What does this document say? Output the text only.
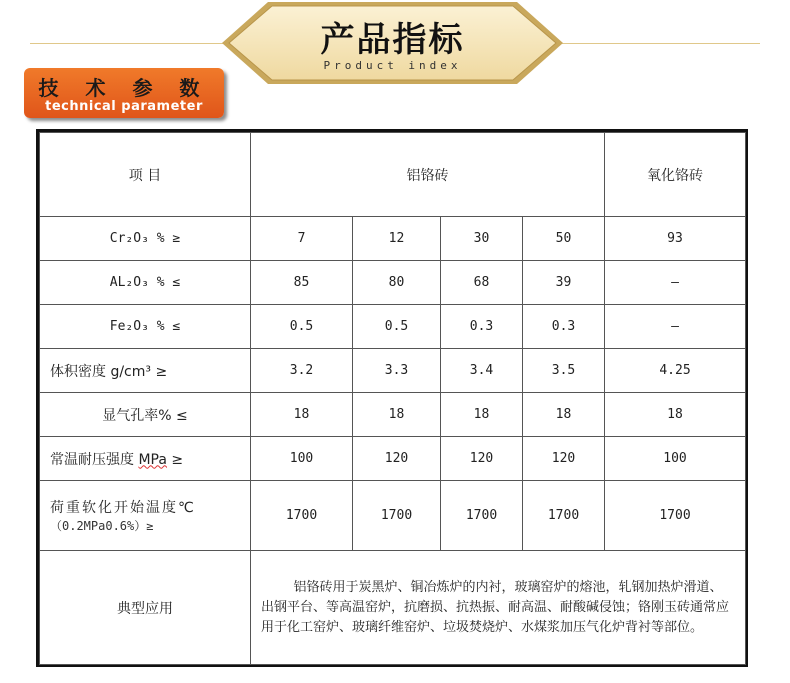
产品指标
Product index
技 术 参 数
technical parameter
项 目	铝铬砖				氧化铬砖
Cr₂O₃ % ≥	7	12	30	50	93
AL₂O₃ % ≤	85	80	68	39	—
Fe₂O₃ % ≤	0.5	0.5	0.3	0.3	—
体积密度 g/cm³ ≥	3.2	3.3	3.4	3.5	4.25
显气孔率% ≤	18	18	18	18	18
常温耐压强度 MPa ≥	100	120	120	120	100

荷重软化开始温度℃
（0.2MPa0.6%）≥	1700	1700	1700	1700	1700
典型应用	铝铬砖用于炭黑炉、铜冶炼炉的内衬，玻璃窑炉的熔池，轧钢加热炉滑道、出钢平台、等高温窑炉，抗磨损、抗热振、耐高温、耐酸碱侵蚀；铬刚玉砖通常应用于化工窑炉、玻璃纤维窑炉、垃圾焚烧炉、水煤浆加压气化炉背衬等部位。				
